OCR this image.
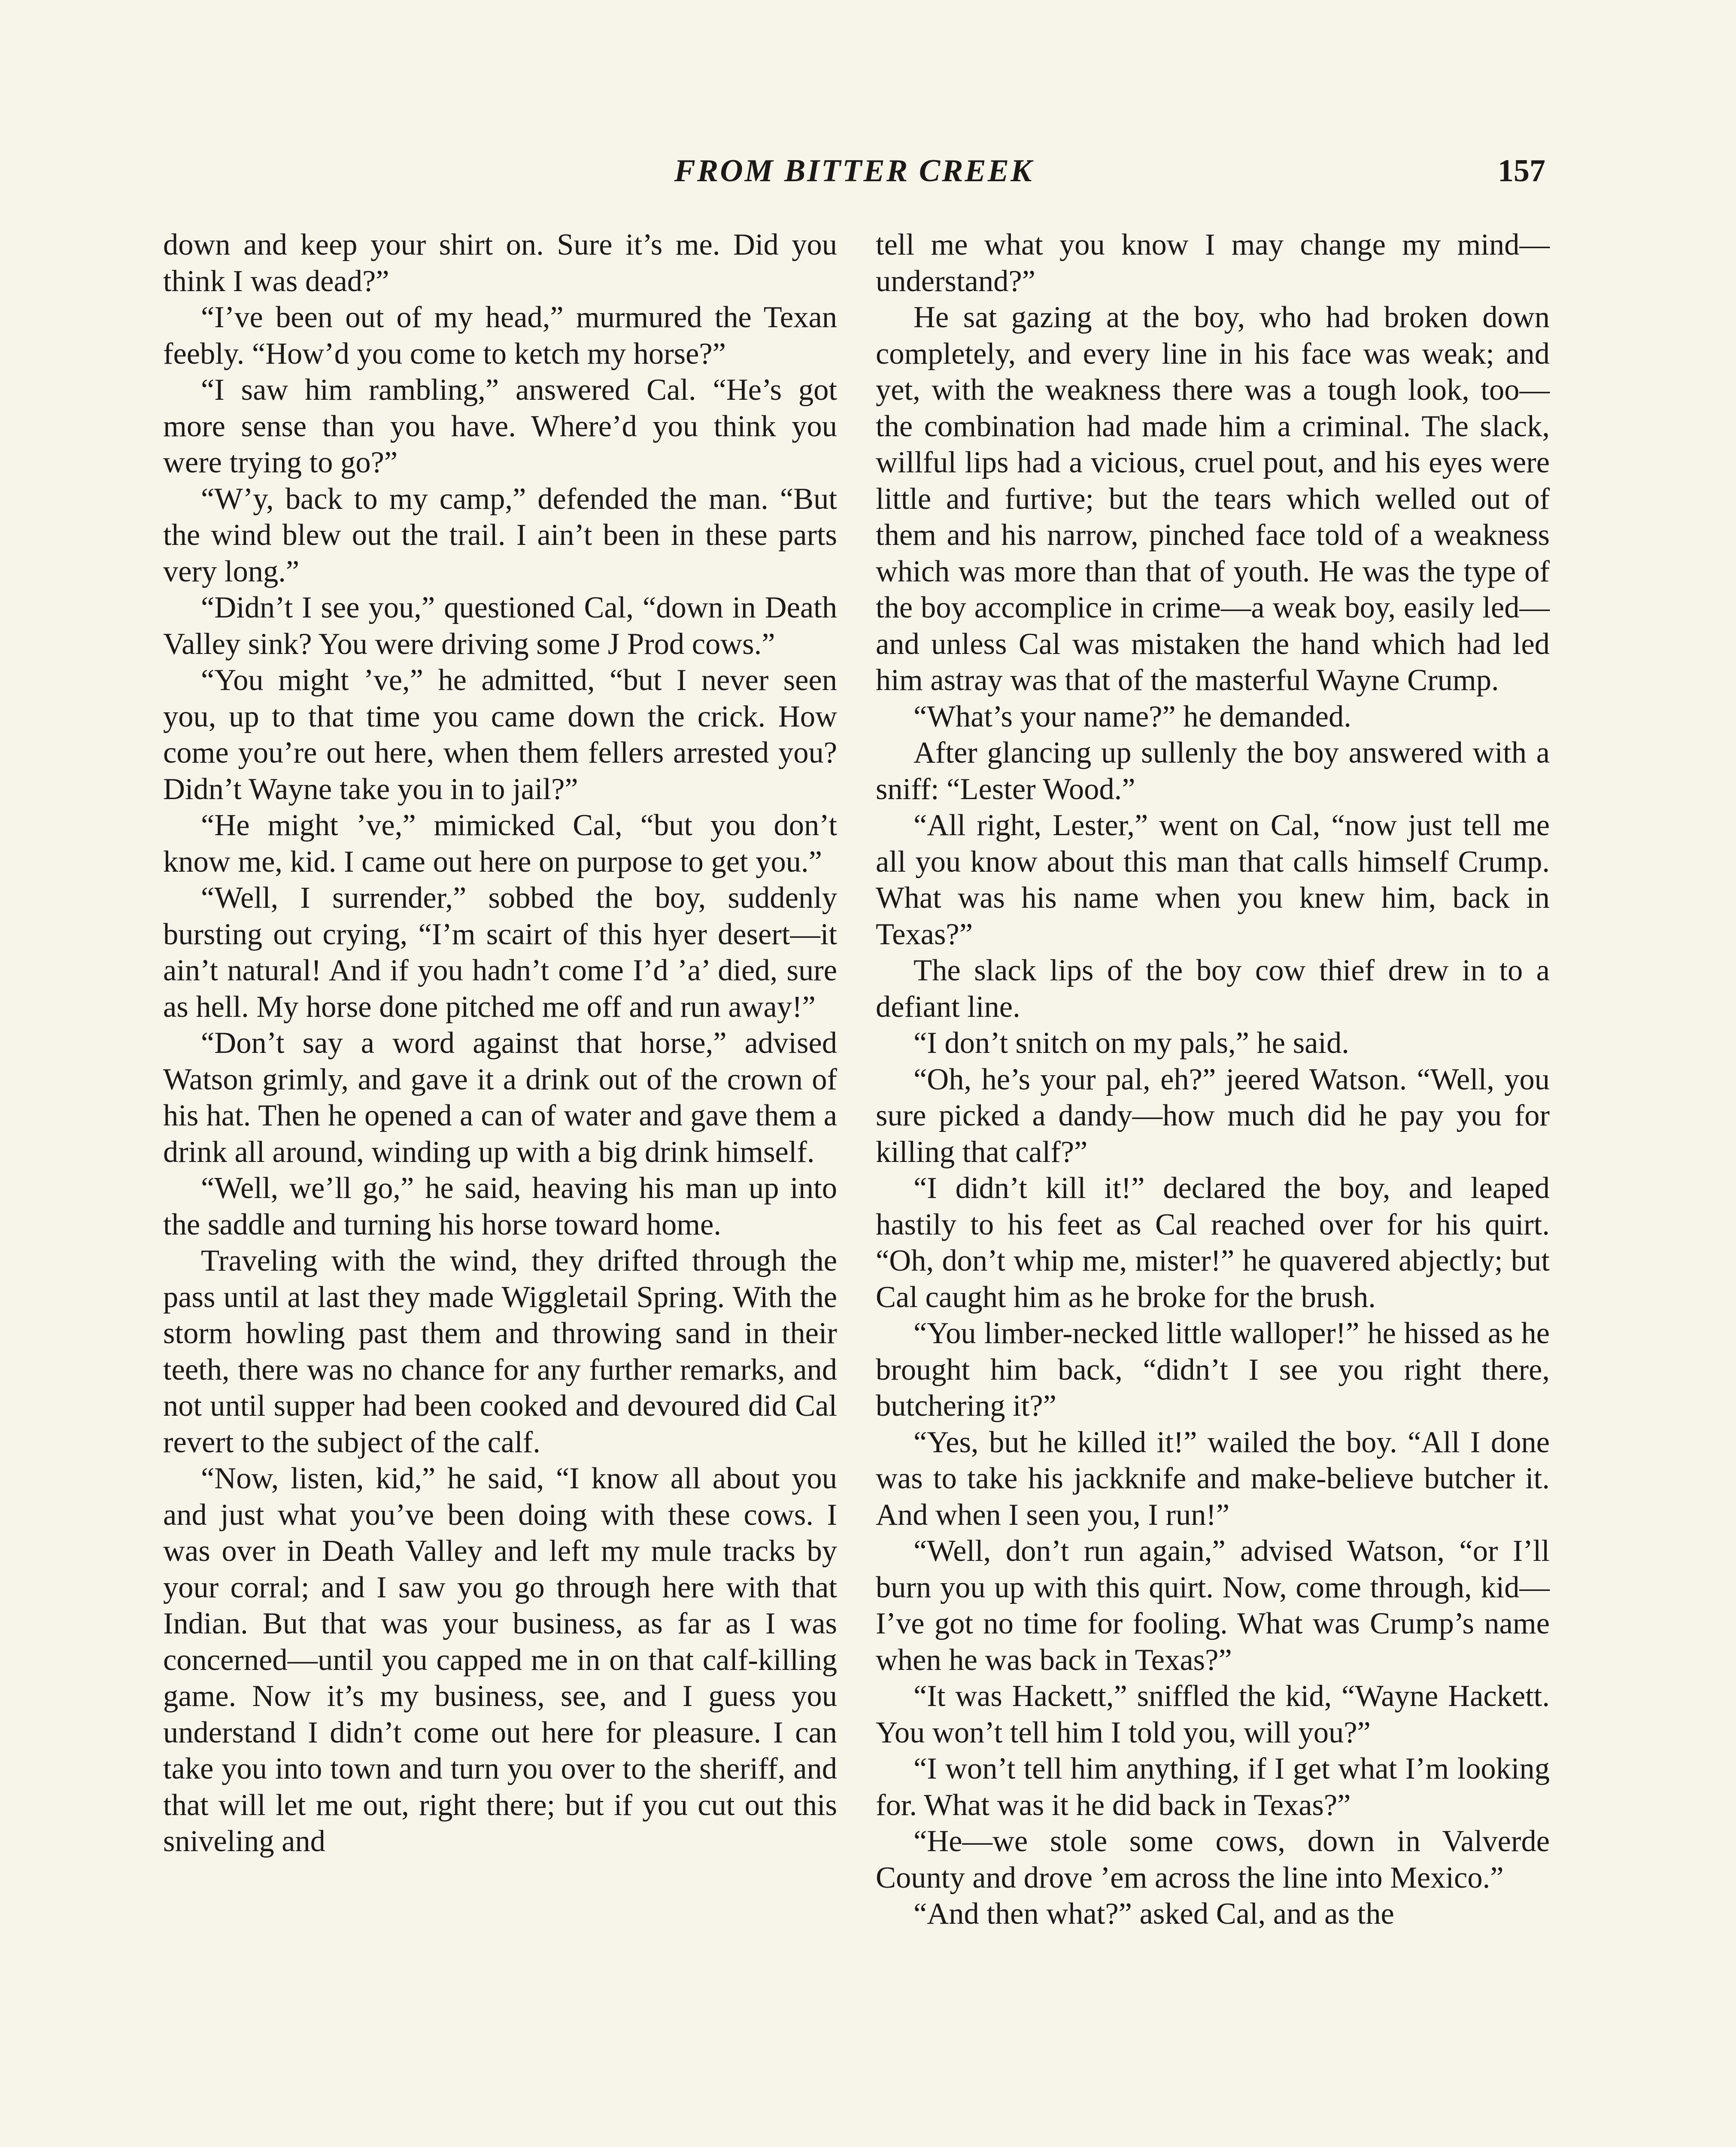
FROM BITTER CREEK	157

down and keep your shirt on. Sure it’s me. Did you think I was dead?”

“I’ve been out of my head,” murmured the Texan feebly. “How’d you come to ketch my horse?”

“I saw him rambling,” answered Cal. “He’s got more sense than you have. Where’d you think you were trying to go?”

“W’y, back to my camp,” defended the man. “But the wind blew out the trail. I ain’t been in these parts very long.”

“Didn’t I see you,” questioned Cal, “down in Death Valley sink? You were driving some J Prod cows.”

“You might ’ve,” he admitted, “but I never seen you, up to that time you came down the crick. How come you’re out here, when them fellers arrested you? Didn’t Wayne take you in to jail?”

“He might ’ve,” mimicked Cal, “but you don’t know me, kid. I came out here on purpose to get you.”

“Well, I surrender,” sobbed the boy, suddenly bursting out crying, “I’m scairt of this hyer desert—it ain’t natural! And if you hadn’t come I’d ’a’ died, sure as hell. My horse done pitched me off and run away!”

“Don’t say a word against that horse,” advised Watson grimly, and gave it a drink out of the crown of his hat. Then he opened a can of water and gave them a drink all around, winding up with a big drink himself.

“Well, we’ll go,” he said, heaving his man up into the saddle and turning his horse toward home.

Traveling with the wind, they drifted through the pass until at last they made Wiggletail Spring. With the storm howling past them and throwing sand in their teeth, there was no chance for any further remarks, and not until supper had been cooked and devoured did Cal revert to the subject of the calf.

“Now, listen, kid,” he said, “I know all about you and just what you’ve been doing with these cows. I was over in Death Valley and left my mule tracks by your corral; and I saw you go through here with that Indian. But that was your business, as far as I was concerned—until you capped me in on that calf-killing game. Now it’s my business, see, and I guess you understand I didn’t come out here for pleasure. I can take you into town and turn you over to the sheriff, and that will let me out, right there; but if you cut out this sniveling and

tell me what you know I may change my mind—understand?”

He sat gazing at the boy, who had broken down completely, and every line in his face was weak; and yet, with the weakness there was a tough look, too—the combination had made him a criminal. The slack, willful lips had a vicious, cruel pout, and his eyes were little and furtive; but the tears which welled out of them and his narrow, pinched face told of a weakness which was more than that of youth. He was the type of the boy accomplice in crime—a weak boy, easily led—and unless Cal was mistaken the hand which had led him astray was that of the masterful Wayne Crump.

“What’s your name?” he demanded.

After glancing up sullenly the boy answered with a sniff: “Lester Wood.”

“All right, Lester,” went on Cal, “now just tell me all you know about this man that calls himself Crump. What was his name when you knew him, back in Texas?”

The slack lips of the boy cow thief drew in to a defiant line.

“I don’t snitch on my pals,” he said.

“Oh, he’s your pal, eh?” jeered Watson. “Well, you sure picked a dandy—how much did he pay you for killing that calf?”

“I didn’t kill it!” declared the boy, and leaped hastily to his feet as Cal reached over for his quirt. “Oh, don’t whip me, mister!” he quavered abjectly; but Cal caught him as he broke for the brush.

“You limber-necked little walloper!” he hissed as he brought him back, “didn’t I see you right there, butchering it?”

“Yes, but he killed it!” wailed the boy. “All I done was to take his jackknife and make-believe butcher it. And when I seen you, I run!”

“Well, don’t run again,” advised Watson, “or I’ll burn you up with this quirt. Now, come through, kid—I’ve got no time for fooling. What was Crump’s name when he was back in Texas?”

“It was Hackett,” sniffled the kid, “Wayne Hackett. You won’t tell him I told you, will you?”

“I won’t tell him anything, if I get what I’m looking for. What was it he did back in Texas?”

“He—we stole some cows, down in Valverde County and drove ’em across the line into Mexico.”

“And then what?” asked Cal, and as the
